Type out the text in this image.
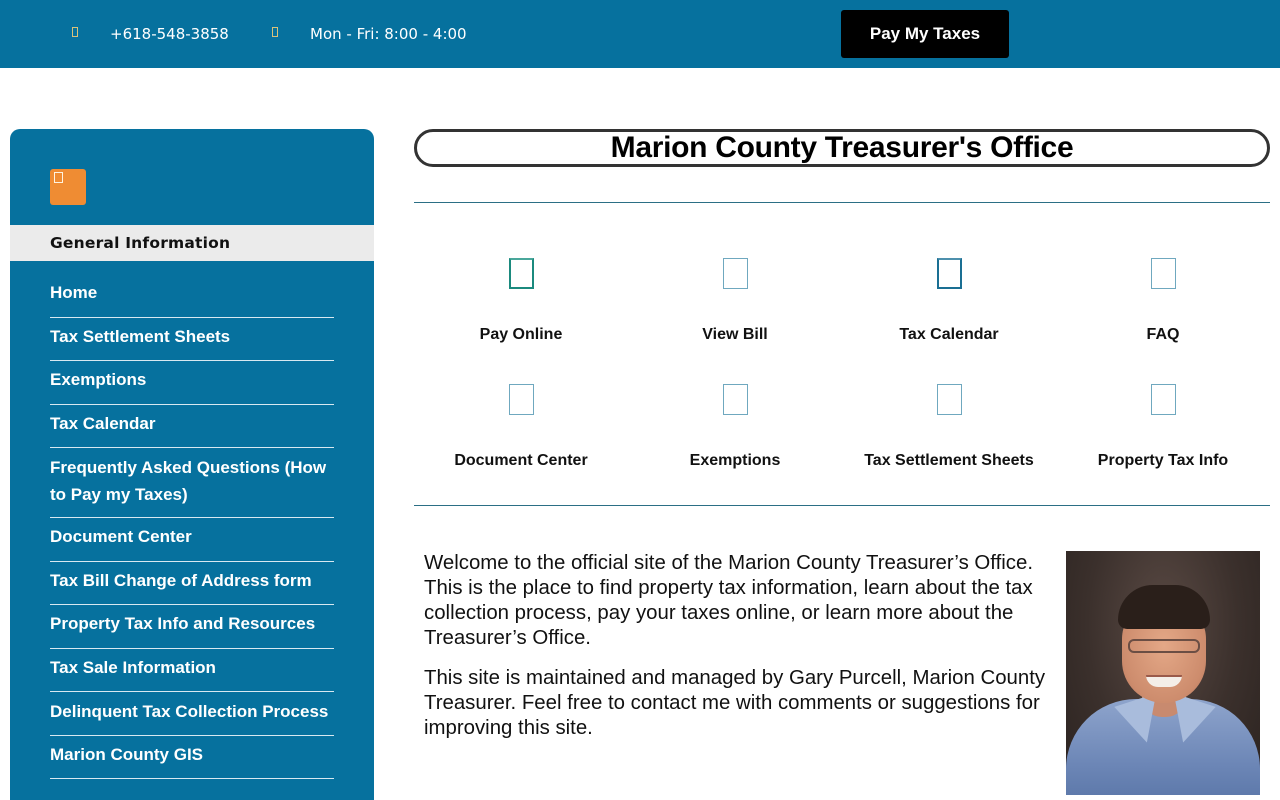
+618-548-3858	Mon - Fri: 8:00 - 4:00	Pay My Taxes
General Information
Home
Tax Settlement Sheets
Exemptions
Tax Calendar
Frequently Asked Questions (How to Pay my Taxes)
Document Center
Tax Bill Change of Address form
Property Tax Info and Resources
Tax Sale Information
Delinquent Tax Collection Process
Marion County GIS
Marion County Treasurer's Office
Pay Online	View Bill	Tax Calendar	FAQ
Document Center	Exemptions	Tax Settlement Sheets	Property Tax Info

Welcome to the official site of the Marion County Treasurer’s Office. This is the place to find property tax information, learn about the tax collection process, pay your taxes online, or learn more about the Treasurer’s Office.

This site is maintained and managed by Gary Purcell, Marion County Treasurer. Feel free to contact me with comments or suggestions for improving this site.
